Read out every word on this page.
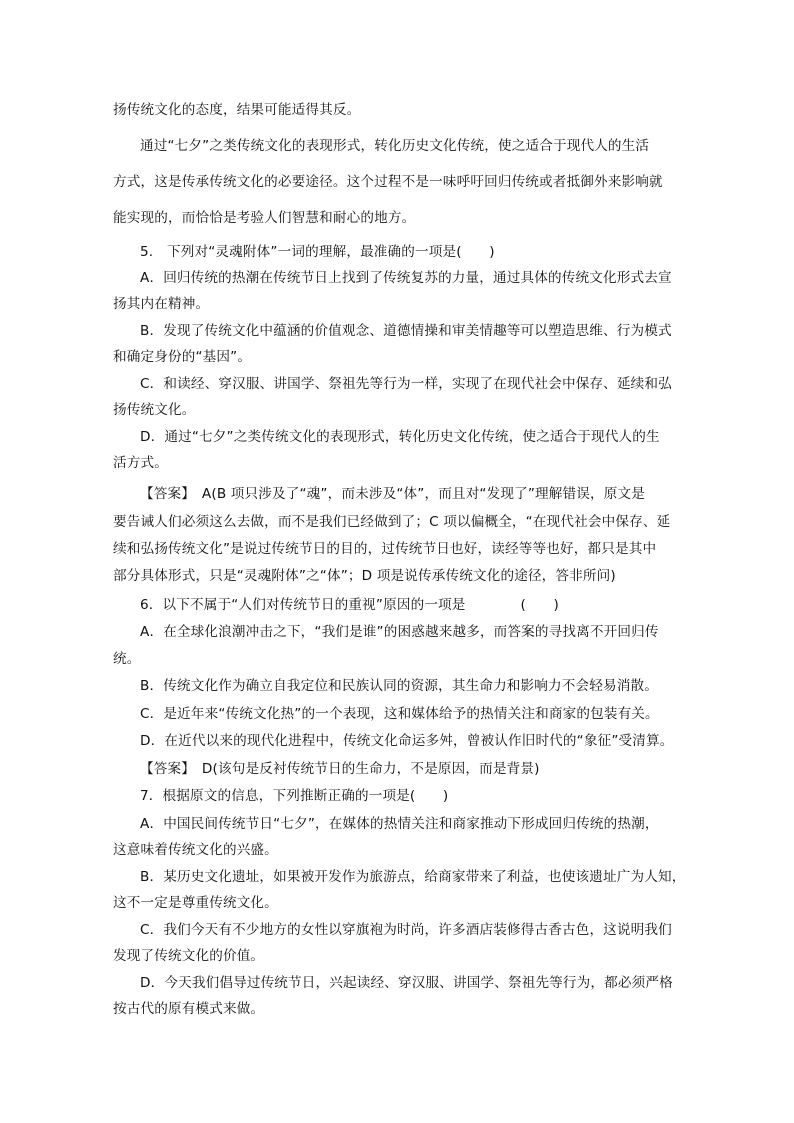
扬传统文化的态度，结果可能适得其反。
通过“七夕”之类传统文化的表现形式，转化历史文化传统，使之适合于现代人的生活
方式，这是传承传统文化的必要途径。这个过程不是一味呼吁回归传统或者抵御外来影响就
能实现的，而恰恰是考验人们智慧和耐心的地方。
5.　下列对“灵魂附体”一词的理解，最准确的一项是(　　)
A．回归传统的热潮在传统节日上找到了传统复苏的力量，通过具体的传统文化形式去宣
扬其内在精神。
B．发现了传统文化中蕴涵的价值观念、道德情操和审美情趣等可以塑造思维、行为模式
和确定身份的“基因”。
C．和读经、穿汉服、讲国学、祭祖先等行为一样，实现了在现代社会中保存、延续和弘
扬传统文化。
D．通过“七夕”之类传统文化的表现形式，转化历史文化传统，使之适合于现代人的生
活方式。
【答案】　A(B 项只涉及了“魂”，而未涉及“体”，而且对“发现了”理解错误，原文是
要告诫人们必须这么去做，而不是我们已经做到了；C 项以偏概全，“在现代社会中保存、延
续和弘扬传统文化”是说过传统节日的目的，过传统节日也好，读经等等也好，都只是其中
部分具体形式，只是“灵魂附体”之“体”；D 项是说传承传统文化的途径，答非所问)
6．以下不属于“人们对传统节日的重视”原因的一项是　　　　(　　)
A．在全球化浪潮冲击之下，“我们是谁”的困惑越来越多，而答案的寻找离不开回归传
统。
B．传统文化作为确立自我定位和民族认同的资源，其生命力和影响力不会轻易消散。
C．是近年来“传统文化热”的一个表现，这和媒体给予的热情关注和商家的包装有关。
D．在近代以来的现代化进程中，传统文化命运多舛，曾被认作旧时代的“象征”受清算。
【答案】　D(该句是反衬传统节日的生命力，不是原因，而是背景)
7．根据原文的信息，下列推断正确的一项是(　　)
A．中国民间传统节日“七夕”，在媒体的热情关注和商家推动下形成回归传统的热潮，
这意味着传统文化的兴盛。
B．某历史文化遗址，如果被开发作为旅游点，给商家带来了利益，也使该遗址广为人知，
这不一定是尊重传统文化。
C．我们今天有不少地方的女性以穿旗袍为时尚，许多酒店装修得古香古色，这说明我们
发现了传统文化的价值。
D．今天我们倡导过传统节日，兴起读经、穿汉服、讲国学、祭祖先等行为，都必须严格
按古代的原有模式来做。
